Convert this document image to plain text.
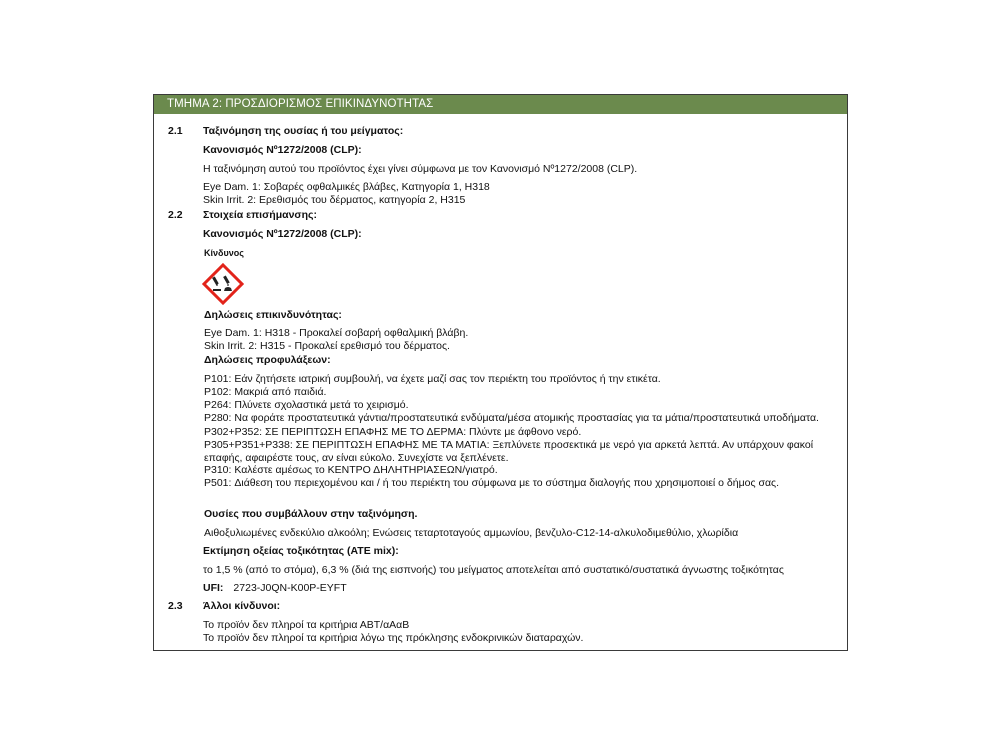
ΤΜΗΜΑ 2: ΠΡΟΣΔΙΟΡΙΣΜΟΣ ΕΠΙΚΙΝΔΥΝΟΤΗΤΑΣ
2.1 Ταξινόμηση της ουσίας ή του μείγματος:
Κανονισμός Nº1272/2008 (CLP):
Η ταξινόμηση αυτού του προϊόντος έχει γίνει σύμφωνα με τον Κανονισμό Nº1272/2008 (CLP).
Eye Dam. 1: Σοβαρές οφθαλμικές βλάβες, Κατηγορία 1, H318
Skin Irrit. 2: Ερεθισμός του δέρματος, κατηγορία 2, H315
2.2 Στοιχεία επισήμανσης:
Κανονισμός Nº1272/2008 (CLP):
Κίνδυνος
Δηλώσεις επικινδυνότητας:
Eye Dam. 1: H318 - Προκαλεί σοβαρή οφθαλμική βλάβη.
Skin Irrit. 2: H315 - Προκαλεί ερεθισμό του δέρματος.
Δηλώσεις προφυλάξεων:
P101: Εάν ζητήσετε ιατρική συμβουλή, να έχετε μαζί σας τον περιέκτη του προϊόντος ή την ετικέτα.
P102: Μακριά από παιδιά.
P264: Πλύνετε σχολαστικά μετά το χειρισμό.
P280: Να φοράτε προστατευτικά γάντια/προστατευτικά ενδύματα/μέσα ατομικής προστασίας για τα μάτια/προστατευτικά υποδήματα.
P302+P352: ΣΕ ΠΕΡΙΠΤΩΣΗ ΕΠΑΦΗΣ ΜΕ ΤΟ ΔΕΡΜΑ: Πλύντε με άφθονο νερό.
P305+P351+P338: ΣΕ ΠΕΡΙΠΤΩΣΗ ΕΠΑΦΗΣ ΜΕ ΤΑ ΜΑΤΙΑ: Ξεπλύνετε προσεκτικά με νερό για αρκετά λεπτά. Αν υπάρχουν φακοί
επαφής, αφαιρέστε τους, αν είναι εύκολο. Συνεχίστε να ξεπλένετε.
P310: Καλέστε αμέσως το ΚΕΝΤΡΟ ΔΗΛΗΤΗΡΙΑΣΕΩΝ/γιατρό.
P501: Διάθεση του περιεχομένου και / ή του περιέκτη του σύμφωνα με το σύστημα διαλογής που χρησιμοποιεί ο δήμος σας.
Ουσίες που συμβάλλουν στην ταξινόμηση.
Αιθοξυλιωμένες ενδεκύλιο αλκοόλη; Ενώσεις τεταρτοταγούς αμμωνίου, βενζυλο-C12-14-αλκυλοδιμεθύλιο, χλωρίδια
Εκτίμηση οξείας τοξικότητας (ATE mix):
το 1,5 % (από το στόμα), 6,3 % (διά της εισπνοής) του μείγματος αποτελείται από συστατικό/συστατικά άγνωστης τοξικότητας
UFI: 2723-J0QN-K00P-EYFT
2.3 Άλλοι κίνδυνοι:
Το προϊόν δεν πληροί τα κριτήρια ΑΒΤ/αΑαΒ
Το προϊόν δεν πληροί τα κριτήρια λόγω της πρόκλησης ενδοκρινικών διαταραχών.
